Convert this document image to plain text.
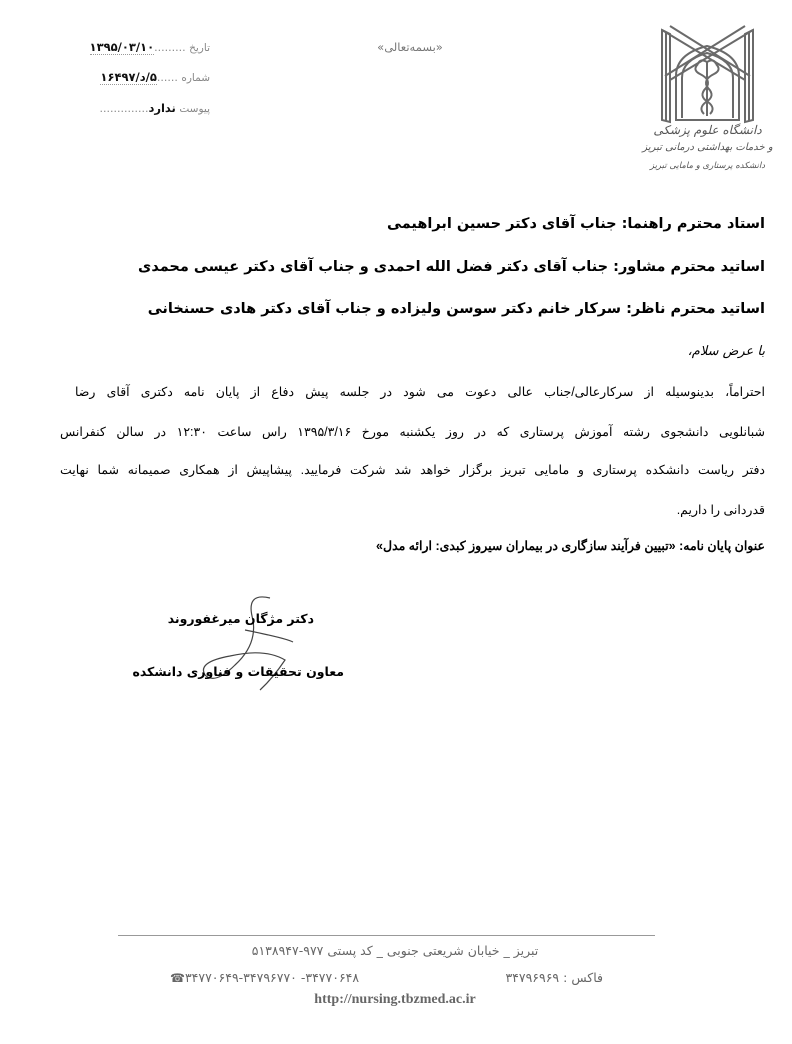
دانشگاه علوم پزشکی
و خدمات بهداشتی درمانی تبریز
دانشکده پرستاری و مامایی تبریز
«بسمه‌تعالی»
تاریخ .........۱۳۹۵/۰۳/۱۰
شماره ......۵/د/۱۶۴۹۷
پیوست ندارد..............
استاد محترم راهنما: جناب آقای دکتر حسین ابراهیمی
اساتید محترم مشاور: جناب آقای دکتر فضل الله احمدی و جناب آقای دکتر عیسی محمدی
اساتید محترم ناظر: سرکار خانم دکتر سوسن ولیزاده و جناب آقای دکتر هادی حسنخانی
با عرض سلام،
احتراماً، بدینوسیله از سرکارعالی/جناب عالی دعوت می شود در جلسه پیش دفاع از پایان نامه دکتری آقای رضا
شبانلویی دانشجوی رشته آموزش پرستاری که در روز یکشنبه مورخ ۱۳۹۵/۳/۱۶ راس ساعت ۱۲:۳۰ در سالن کنفرانس
دفتر ریاست دانشکده پرستاری و مامایی تبریز برگزار خواهد شد شرکت فرمایید. پیشاپیش از همکاری صمیمانه شما نهایت
قدردانی را داریم.
عنوان پایان نامه: «تبیین فرآیند سازگاری در بیماران سیروز کبدی: ارائه مدل»
دکتر مژگان میرغفوروند
معاون تحقیقات و فناوری دانشکده
تبریز _ خیابان شریعتی جنوبی _ کد پستی ۹۷۷-۵۱۳۸۹۴۷
فاکس : ۳۴۷۹۶۹۶۹
☎۳۴۷۷۰۶۴۸- ۳۴۷۷۰۶۴۹-۳۴۷۹۶۷۷۰
http://nursing.tbzmed.ac.ir
